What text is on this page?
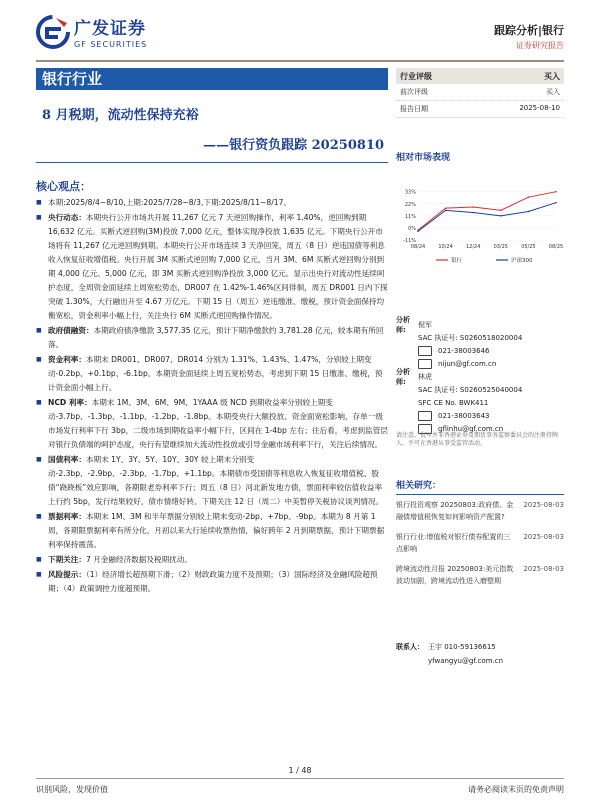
广发证券
GF SECURITIES
跟踪分析|银行
证券研究报告
银行行业
8 月税期，流动性保持充裕
——银行资负跟踪 20250810
行业评级	买入
前次评级	买入
报告日期	2025-08-10
相对市场表现
33%
22%
11%
0%
-11%
08/24	10/24	12/24	03/25	05/25	08/25
银行	沪深300
分析师:
倪军
SAC 执证号: S0260518020004
021-38003646
nijun@gf.com.cn
分析师:
林虎
SAC 执证号: S0260525040004
SFC CE No. BWK411
021-38003643
gflinhu@gf.com.cn
请注意，倪军并非香港证券及期货事务监察委员会的注册持牌人，不可在香港从事受监管活动。
相关研究：
银行投资观察 20250803:政府债、金融债增值税恢复如何影响资产配置?
2025-08-03
银行行业:增值税对银行债券配置的三点影响
2025-08-03
跨境流动性月报 20250803:美元指数波动加剧，跨境流动性进入磨整期
2025-08-03
联系人： 王宇 010-59136615
yfwangyu@gf.com.cn
核心观点：
■ 本期:2025/8/4~8/10,上期:2025/7/28~8/3,下期:2025/8/11~8/17。
■ 央行动态：本期央行公开市场共开展 11,267 亿元 7 天逆回购操作，利率 1.40%，逆回购到期 16,632 亿元。买断式逆回购(3M)投放 7,000 亿元，整体实现净投放 1,635 亿元。下期央行公开市场将有 11,267 亿元逆回购到期。本期央行公开市场连续 3 天净回笼，周五（8 日）逆违国债等利息收入恢复征收增值税。央行开展 3M 买断式逆回购 7,000 亿元，当月 3M、6M 买断式逆回购分别到期 4,000 亿元、5,000 亿元，即 3M 买断式逆回购净投放 3,000 亿元。显示出央行对流动性延续呵护态度，全周资金面延续上周宽松势态，DR007 在 1.42%-1.46%区间徘徊，周五 DR001 日内下探突破 1.30%，大行融出升至 4.67 万亿元。下期 15 日（周五）逆违缴准、缴税，预计资金面保持均衡宽松，资金利率小幅上行，关注央行 6M 买断式逆回购操作情况。
■ 政府债融资：本期政府债净缴款 3,577.35 亿元，预计下期净缴款约 3,781.28 亿元，较本期有所回落。
■ 资金利率：本期末 DR001、DR007、DR014 分别为 1.31%、1.43%、1.47%，分别较上期变动-0.2bp、+0.1bp、-6.1bp。本期资金面延续上周五宽松势态，考虑到下期 15 日缴准、缴税，预计资金面小幅上行。
■ NCD 利率：本期末 1M、3M、6M、9M、1YAAA 级 NCD 到期收益率分别较上期变动-3.7bp、-1.3bp、-1.1bp、-1.2bp、-1.8bp。本期受央行大额投放、资金面宽松影响，存单一级市场发行利率下行 3bp，二级市场到期收益率小幅下行，区间在 1-4bp 左右；往后看，考虑到监管层对银行负债端的呵护态度，央行有望继续加大流动性投放或引导金融市场利率下行，关注后续情况。
■ 国债利率：本期末 1Y、3Y、5Y、10Y、30Y 较上期末分别变动-2.3bp、-2.9bp、-2.3bp、-1.7bp、+1.1bp。本期债市受国债等利息收入恢复征收增值税、股债“跷跷板”效应影响，各期限老券利率下行；周五（8 日）河北新发地方债，票面利率较估值收益率上行约 5bp，发行结果较好，债市情绪好转。下期关注 12 日（周二）中美暂停关税协议谈判情况。
■ 票据利率：本期末 1M、3M 和半年票据分别较上期末变动-2bp、+7bp、-9bp。本期为 8 月第 1 周，各期限票据利率有所分化，月初以来大行延续收票热情，偏好跨年 2 月到期票据，预计下期票据利率保持震荡。
■ 下期关注：7 月金融经济数据及税期扰动。
■ 风险提示：（1）经济增长超预期下滑；（2）财政政策力度不及预期；（3）国际经济及金融风险超预期；（4）政策调控力度超预期。
1 / 48
识别风险，发现价值	请务必阅读末页的免责声明
